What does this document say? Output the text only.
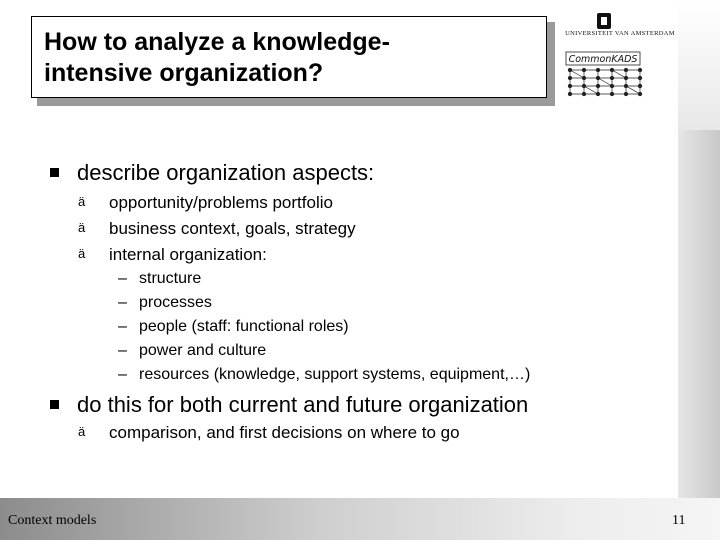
How to analyze a knowledge-
intensive organization?
UNIVERSITEIT VAN AMSTERDAM
CommonKADS
describe organization aspects:
ä opportunity/problems portfolio
ä business context, goals, strategy
ä internal organization:
– structure
– processes
– people (staff: functional roles)
– power and culture
– resources (knowledge, support systems, equipment,…)
do this for both current and future organization
ä comparison, and first decisions on where to go
Context models	11
